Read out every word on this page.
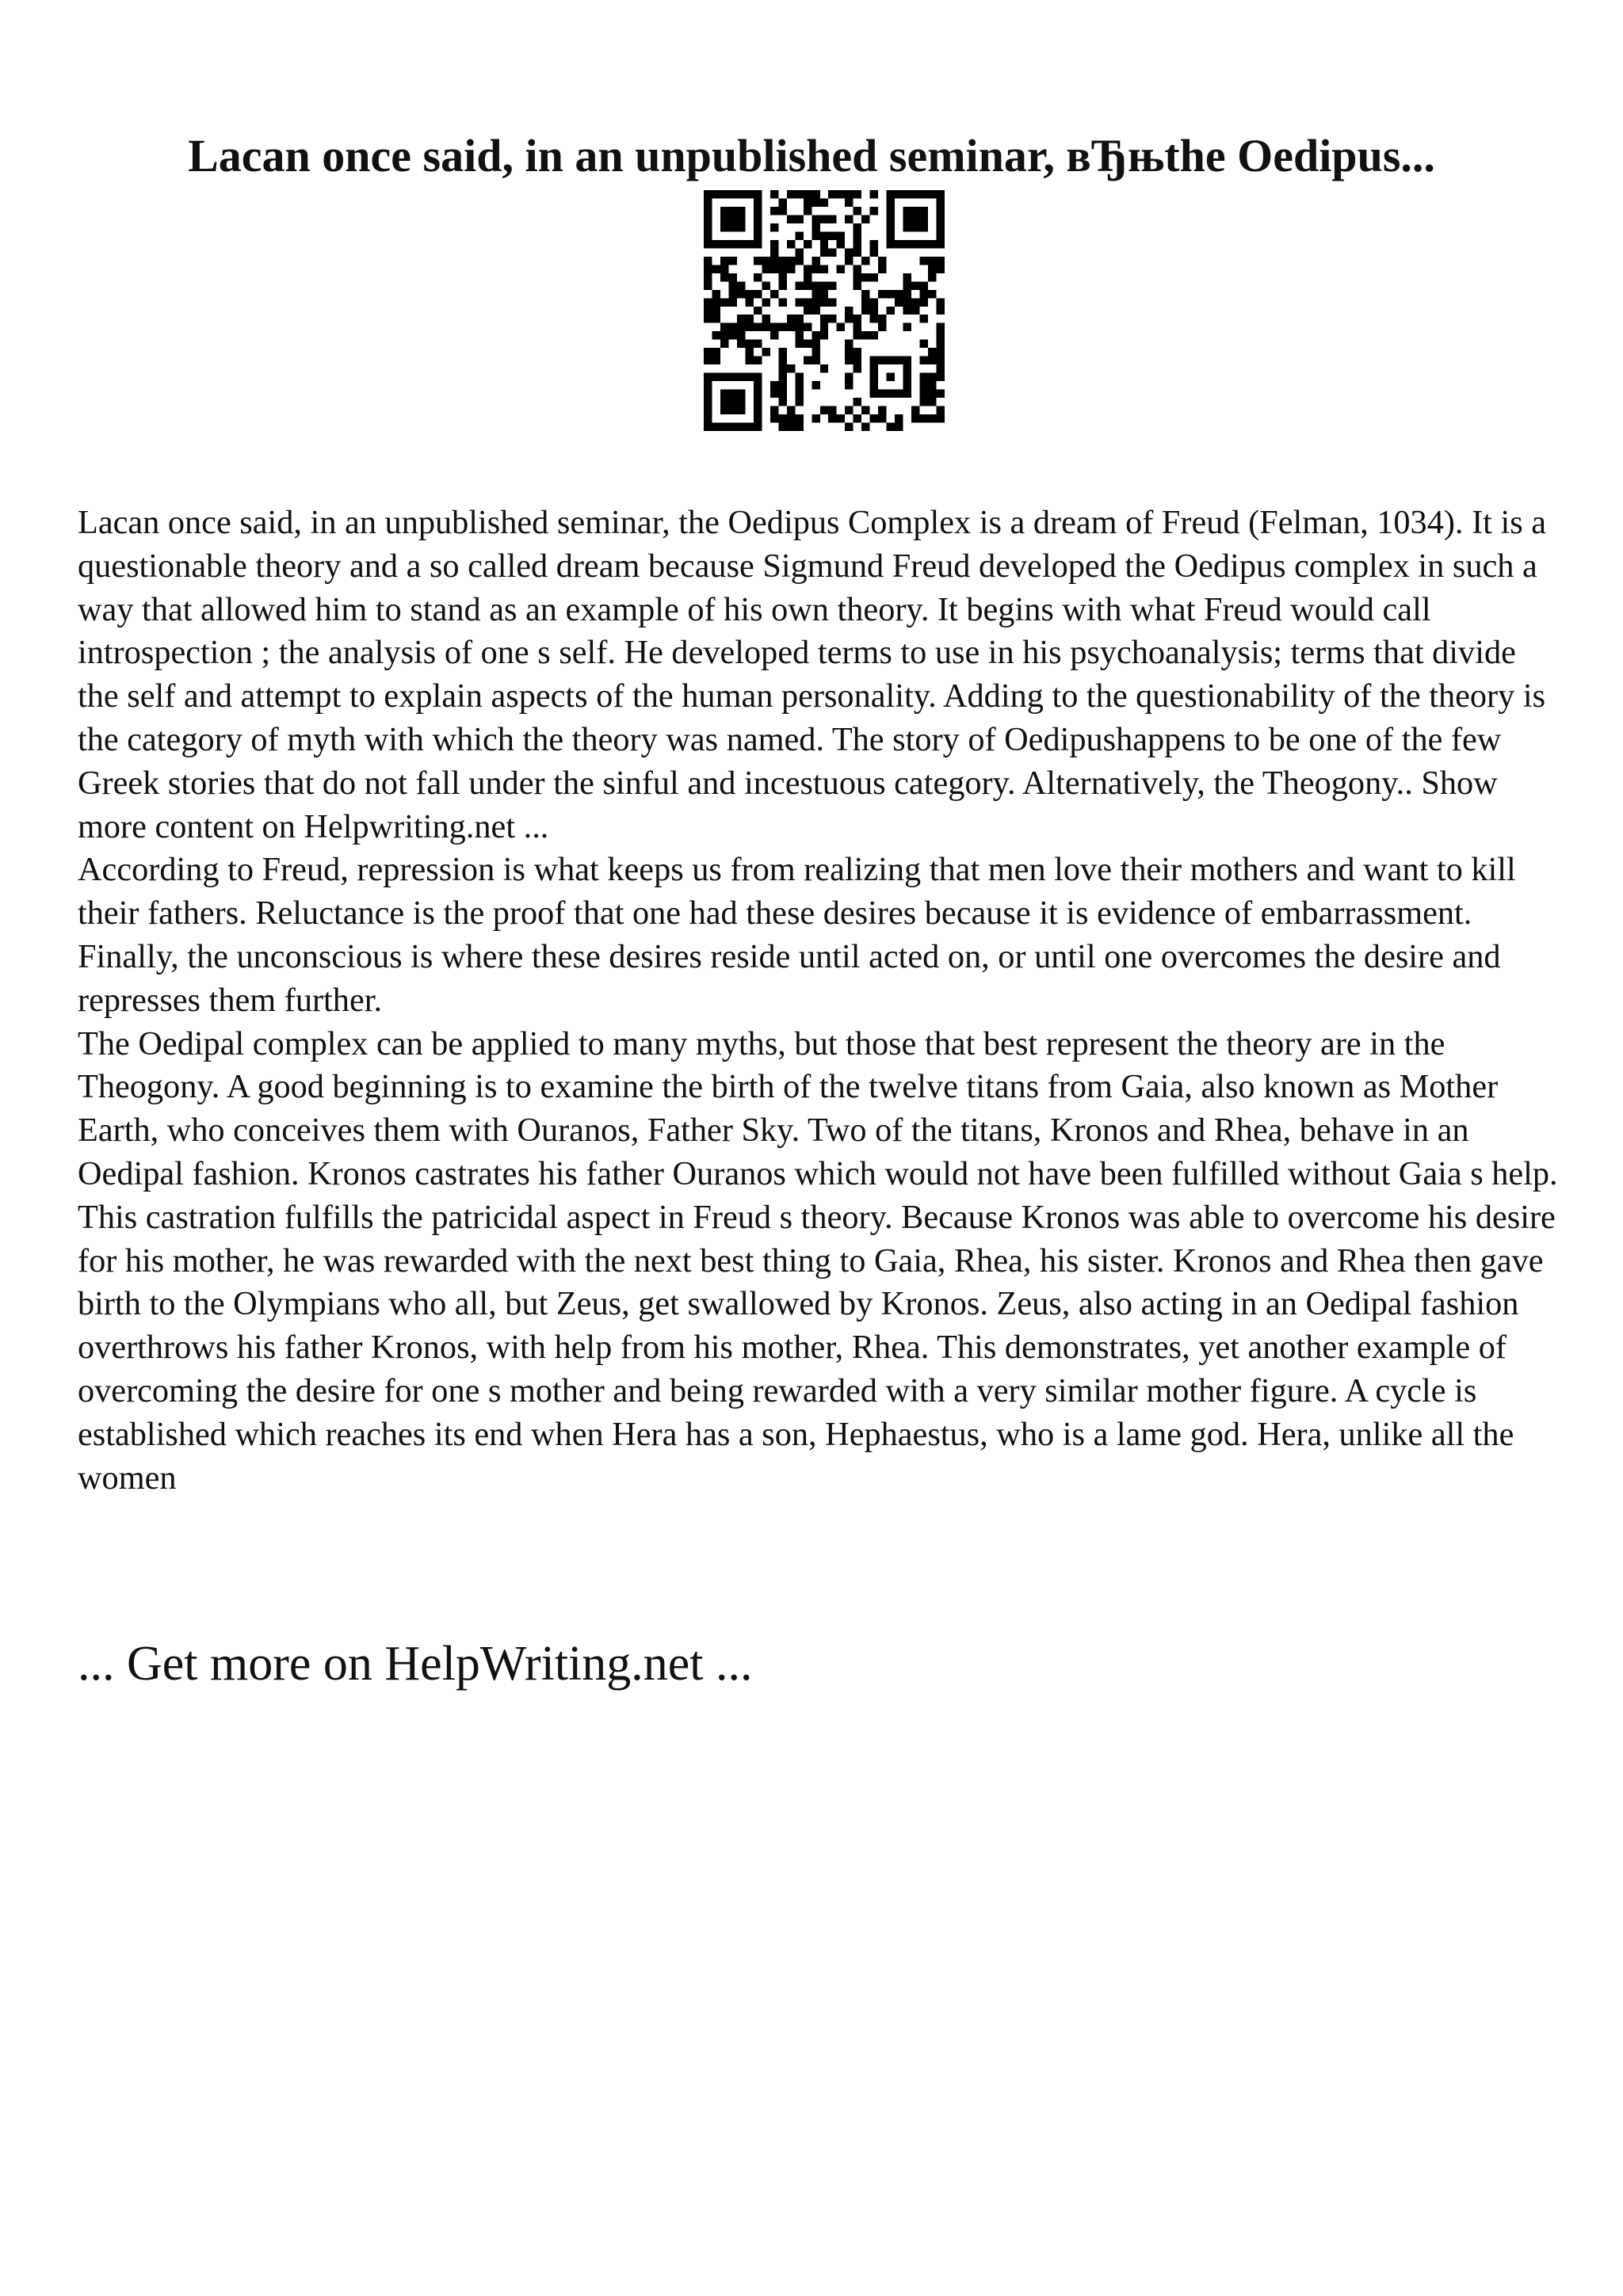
Lacan once said, in an unpublished seminar, вЂњthe Oedipus...

Lacan once said, in an unpublished seminar, the Oedipus Complex is a dream of Freud (Felman, 1034). It is a questionable theory and a so called dream because Sigmund Freud developed the Oedipus complex in such a way that allowed him to stand as an example of his own theory. It begins with what Freud would call introspection ; the analysis of one s self. He developed terms to use in his psychoanalysis; terms that divide the self and attempt to explain aspects of the human personality. Adding to the questionability of the theory is the category of myth with which the theory was named. The story of Oedipushappens to be one of the few Greek stories that do not fall under the sinful and incestuous category. Alternatively, the Theogony.. Show more content on Helpwriting.net ...

According to Freud, repression is what keeps us from realizing that men love their mothers and want to kill their fathers. Reluctance is the proof that one had these desires because it is evidence of embarrassment. Finally, the unconscious is where these desires reside until acted on, or until one overcomes the desire and represses them further.

The Oedipal complex can be applied to many myths, but those that best represent the theory are in the Theogony. A good beginning is to examine the birth of the twelve titans from Gaia, also known as Mother Earth, who conceives them with Ouranos, Father Sky. Two of the titans, Kronos and Rhea, behave in an Oedipal fashion. Kronos castrates his father Ouranos which would not have been fulfilled without Gaia s help. This castration fulfills the patricidal aspect in Freud s theory. Because Kronos was able to overcome his desire for his mother, he was rewarded with the next best thing to Gaia, Rhea, his sister. Kronos and Rhea then gave birth to the Olympians who all, but Zeus, get swallowed by Kronos. Zeus, also acting in an Oedipal fashion overthrows his father Kronos, with help from his mother, Rhea. This demonstrates, yet another example of overcoming the desire for one s mother and being rewarded with a very similar mother figure. A cycle is established which reaches its end when Hera has a son, Hephaestus, who is a lame god. Hera, unlike all the women

... Get more on HelpWriting.net ...
